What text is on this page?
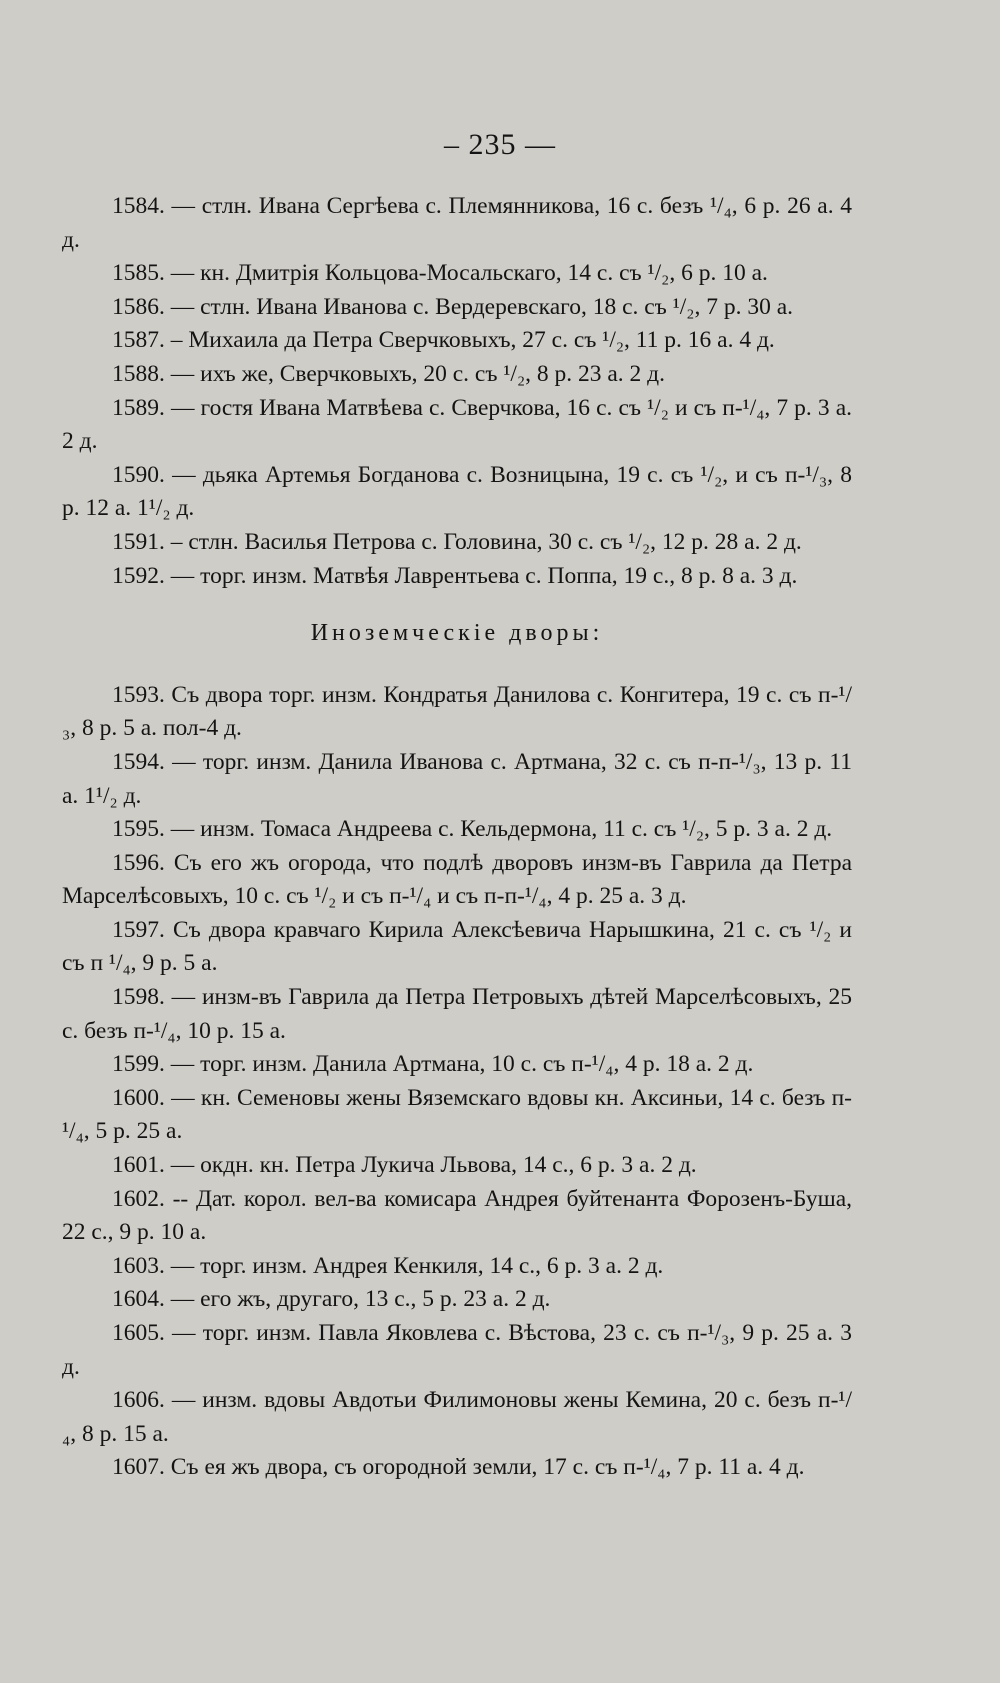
– 235 —

1584. — стлн. Ивана Сергѣева с. Племянникова, 16 с. безъ ¹/₄, 6 р. 26 а. 4 д.

1585. — кн. Дмитрія Кольцова-Мосальскаго, 14 с. съ ¹/₂, 6 р. 10 а.

1586. — стлн. Ивана Иванова с. Вердеревскаго, 18 с. съ ¹/₂, 7 р. 30 а.

1587. – Михаила да Петра Сверчковыхъ, 27 с. съ ¹/₂, 11 р. 16 а. 4 д.

1588. — ихъ же, Сверчковыхъ, 20 с. съ ¹/₂, 8 р. 23 а. 2 д.

1589. — гостя Ивана Матвѣева с. Сверчкова, 16 с. съ ¹/₂ и съ п-¹/₄, 7 р. 3 а. 2 д.

1590. — дьяка Артемья Богданова с. Возницына, 19 с. съ ¹/₂, и съ п-¹/₃, 8 р. 12 а. 1¹/₂ д.

1591. – стлн. Василья Петрова с. Головина, 30 с. съ ¹/₂, 12 р. 28 а. 2 д.

1592. — торг. инзм. Матвѣя Лаврентьева с. Поппа, 19 с., 8 р. 8 а. 3 д.

Иноземческіе дворы:

1593. Съ двора торг. инзм. Кондратья Данилова с. Конгитера, 19 с. съ п-¹/₃, 8 р. 5 а. пол-4 д.

1594. — торг. инзм. Данила Иванова с. Артмана, 32 с. съ п-п-¹/₃, 13 р. 11 а. 1¹/₂ д.

1595. — инзм. Томаса Андреева с. Кельдермона, 11 с. съ ¹/₂, 5 р. 3 а. 2 д.

1596. Съ его жъ огорода, что подлѣ дворовъ инзм-въ Гаврила да Петра Марселѣсовыхъ, 10 с. съ ¹/₂ и съ п-¹/₄ и съ п-п-¹/₄, 4 р. 25 а. 3 д.

1597. Съ двора кравчаго Кирила Алексѣевича Нарышкина, 21 с. съ ¹/₂ и съ п ¹/₄, 9 р. 5 а.

1598. — инзм-въ Гаврила да Петра Петровыхъ дѣтей Марселѣсовыхъ, 25 с. безъ п-¹/₄, 10 р. 15 а.

1599. — торг. инзм. Данила Артмана, 10 с. съ п-¹/₄, 4 р. 18 а. 2 д.

1600. — кн. Семеновы жены Вяземскаго вдовы кн. Аксиньи, 14 с. безъ п-¹/₄, 5 р. 25 а.

1601. — окдн. кн. Петра Лукича Львова, 14 с., 6 р. 3 а. 2 д.

1602. -- Дат. корол. вел-ва комисара Андрея буйтенанта Форозенъ-Буша, 22 с., 9 р. 10 а.

1603. — торг. инзм. Андрея Кенкиля, 14 с., 6 р. 3 а. 2 д.

1604. — его жъ, другаго, 13 с., 5 р. 23 а. 2 д.

1605. — торг. инзм. Павла Яковлева с. Вѣстова, 23 с. съ п-¹/₃, 9 р. 25 а. 3 д.

1606. — инзм. вдовы Авдотьи Филимоновы жены Кемина, 20 с. безъ п-¹/₄, 8 р. 15 а.

1607. Съ ея жъ двора, съ огородной земли, 17 с. съ п-¹/₄, 7 р. 11 а. 4 д.
